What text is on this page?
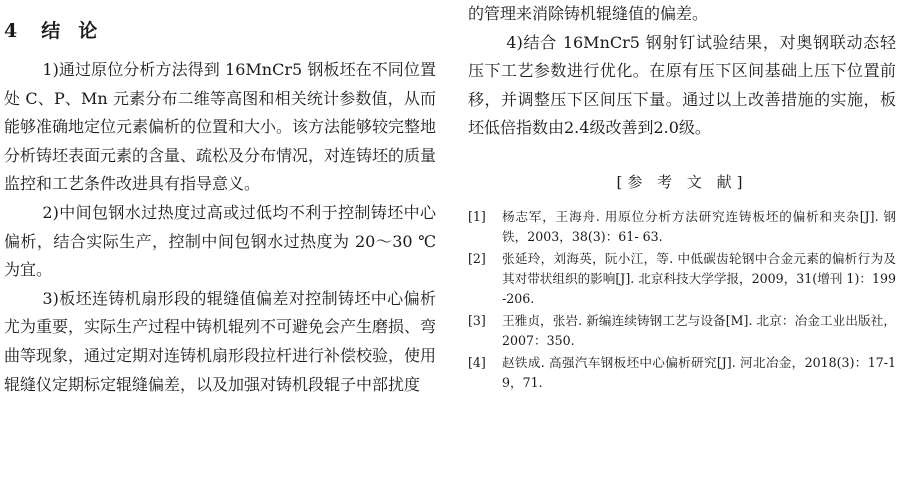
4 结 论

1)通过原位分析方法得到 16MnCr5 钢板坯在不同位置处 C、P、Mn 元素分布二维等高图和相关统计参数值，从而能够准确地定位元素偏析的位置和大小。该方法能够较完整地分析铸坯表面元素的含量、疏松及分布情况，对连铸坯的质量监控和工艺条件改进具有指导意义。

2)中间包钢水过热度过高或过低均不利于控制铸坯中心偏析，结合实际生产，控制中间包钢水过热度为 20～30 ℃ 为宜。

3)板坯连铸机扇形段的辊缝值偏差对控制铸坯中心偏析尤为重要，实际生产过程中铸机辊列不可避免会产生磨损、弯曲等现象，通过定期对连铸机扇形段拉杆进行补偿校验，使用辊缝仪定期标定辊缝偏差，以及加强对铸机段辊子中部扰度

的管理来消除铸机辊缝值的偏差。

4)结合 16MnCr5 钢射钉试验结果，对奥钢联动态轻压下工艺参数进行优化。在原有压下区间基础上压下位置前移，并调整压下区间压下量。通过以上改善措施的实施，板坯低倍指数由2.4级改善到2.0级。

[参 考 文 献]
[1]	杨志军，王海舟. 用原位分析方法研究连铸板坯的偏析和夹杂[J]. 钢铁，2003，38(3)：61- 63.
[2]	张延玲，刘海英，阮小江，等. 中低碳齿轮钢中合金元素的偏析行为及其对带状组织的影响[J]. 北京科技大学学报，2009，31(增刊 1)：199-206.
[3]	王雅贞，张岩. 新编连续铸钢工艺与设备[M]. 北京：冶金工业出版社，2007：350.
[4]	赵铁成. 高强汽车钢板坯中心偏析研究[J]. 河北冶金，2018(3)：17-19，71.
